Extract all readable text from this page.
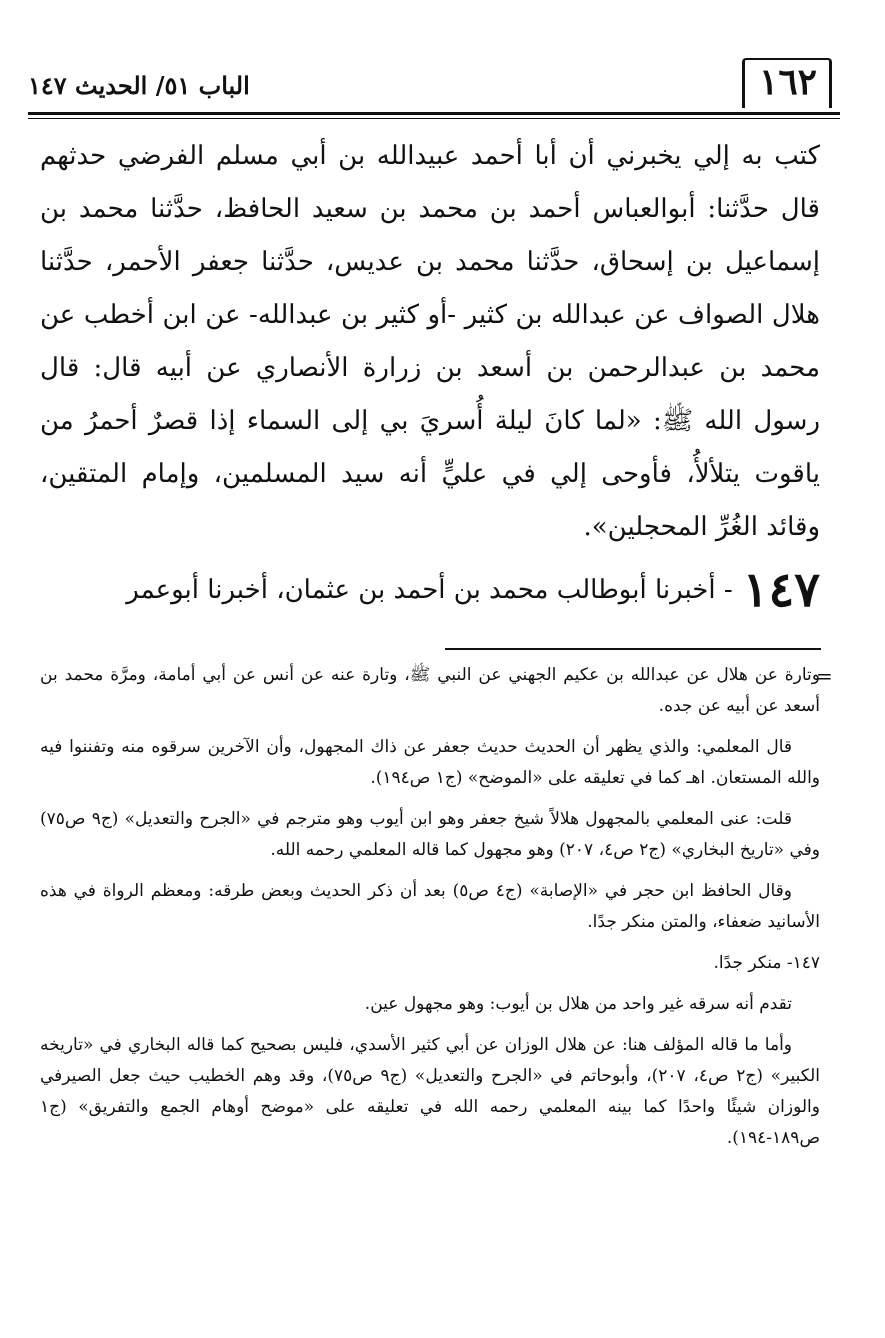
١٦٢
الباب ٥١/ الحديث ١٤٧

كتب به إلي يخبرني أن أبا أحمد عبيدالله بن أبي مسلم الفرضي حدثهم قال حدَّثنا: أبوالعباس أحمد بن محمد بن سعيد الحافظ، حدَّثنا محمد بن إسماعيل بن إسحاق، حدَّثنا محمد بن عديس، حدَّثنا جعفر الأحمر، حدَّثنا هلال الصواف عن عبدالله بن كثير -أو كثير بن عبدالله- عن ابن أخطب عن محمد بن عبدالرحمن بن أسعد بن زرارة الأنصاري عن أبيه قال: قال رسول الله ﷺ: «لما كانَ ليلة أُسريَ بي إلى السماء إذا قصرٌ أحمرُ من ياقوت يتلألأُ، فأوحى إلي في عليٍّ أنه سيد المسلمين، وإمام المتقين، وقائد الغُرِّ المحجلين».

١٤٧
- أخبرنا أبوطالب محمد بن أحمد بن عثمان، أخبرنا أبوعمر
=

وتارة عن هلال عن عبدالله بن عكيم الجهني عن النبي ﷺ، وتارة عنه عن أنس عن أبي أمامة، ومرَّة محمد بن أسعد عن أبيه عن جده.

قال المعلمي: والذي يظهر أن الحديث حديث جعفر عن ذاك المجهول، وأن الآخرين سرقوه منه وتفننوا فيه والله المستعان. اهـ كما في تعليقه على «الموضح» (ج١ ص١٩٤).

قلت: عنى المعلمي بالمجهول هلالاً شيخ جعفر وهو ابن أيوب وهو مترجم في «الجرح والتعديل» (ج٩ ص٧٥) وفي «تاريخ البخاري» (ج٢ ص٤، ٢٠٧) وهو مجهول كما قاله المعلمي رحمه الله.

وقال الحافظ ابن حجر في «الإصابة» (ج٤ ص٥) بعد أن ذكر الحديث وبعض طرقه: ومعظم الرواة في هذه الأسانيد ضعفاء، والمتن منكر جدًا.

١٤٧- منكر جدًا.

تقدم أنه سرقه غير واحد من هلال بن أيوب: وهو مجهول عين.

وأما ما قاله المؤلف هنا: عن هلال الوزان عن أبي كثير الأسدي، فليس بصحيح كما قاله البخاري في «تاريخه الكبير» (ج٢ ص٤، ٢٠٧)، وأبوحاتم في «الجرح والتعديل» (ج٩ ص٧٥)، وقد وهم الخطيب حيث جعل الصيرفي والوزان شيئًا واحدًا كما بينه المعلمي رحمه الله في تعليقه على «موضح أوهام الجمع والتفريق» (ج١ ص١٨٩-١٩٤).
